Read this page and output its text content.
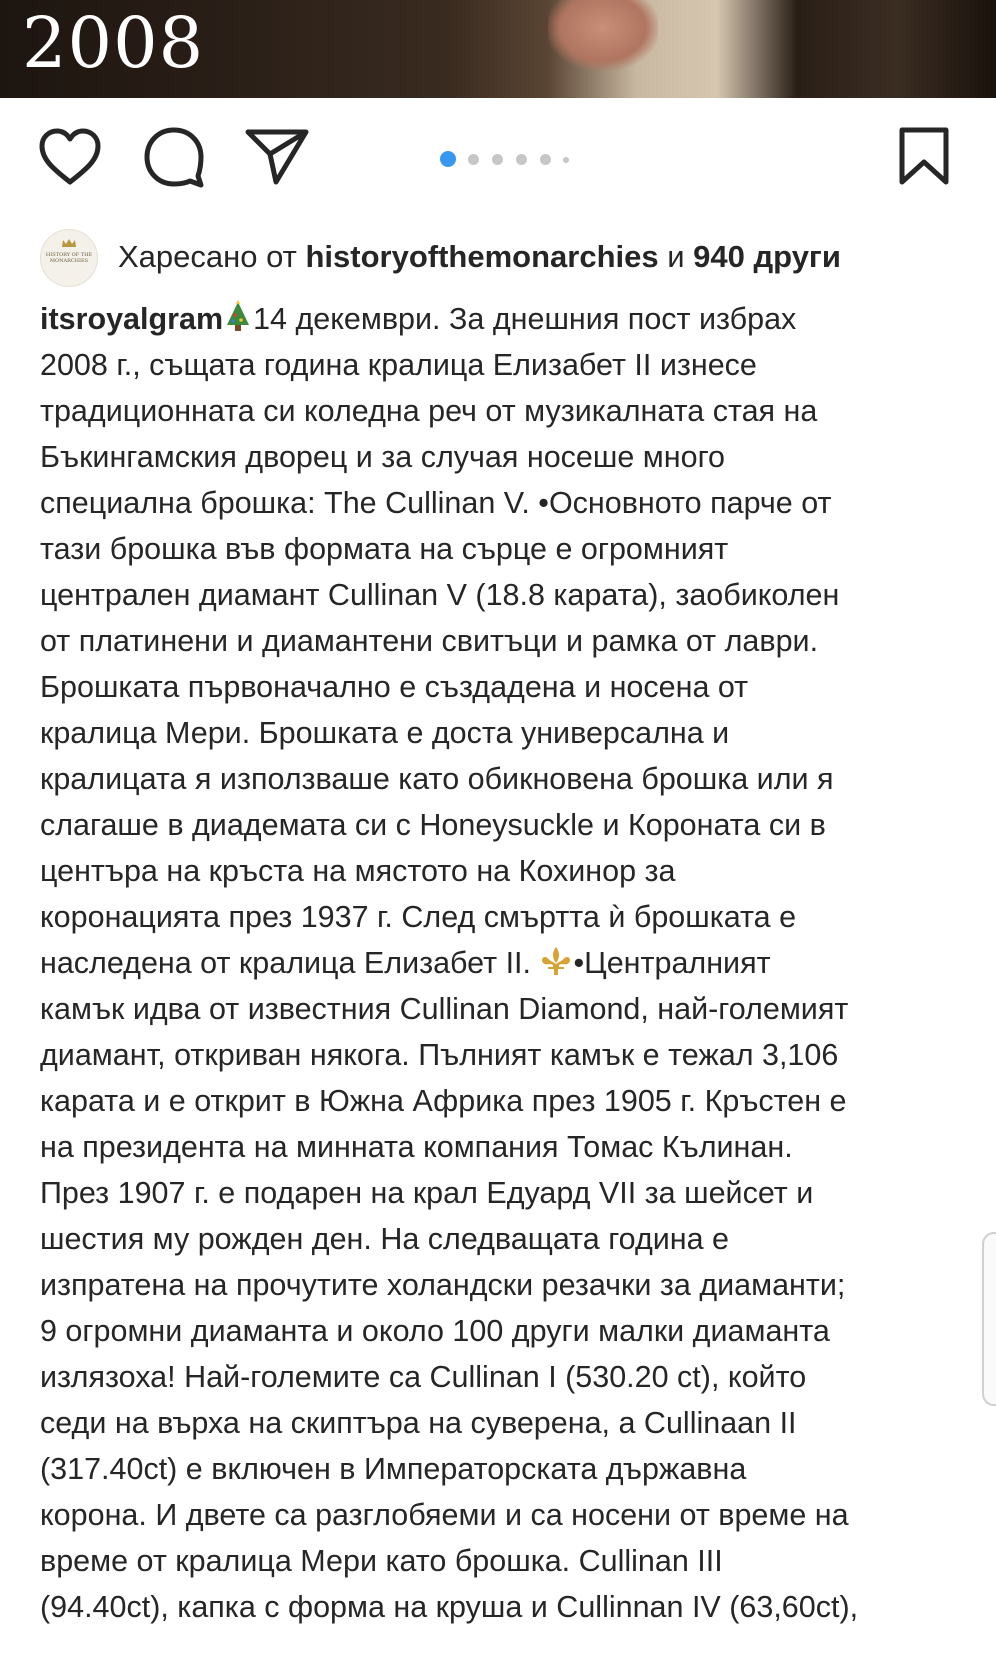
2008
HISTORY OF THE MONARCHIES Харесано от historyofthemonarchies и 940 други
itsroyalgram 14 декември. За днешния пост избрах
2008 г., същата година кралица Елизабет II изнесе
традиционната си коледна реч от музикалната стая на
Бъкингамския дворец и за случая носеше много
специална брошка: The Cullinan V. •Основното парче от
тази брошка във формата на сърце е огромният
централен диамант Cullinan V (18.8 карата), заобиколен
от платинени и диамантени свитъци и рамка от лаври.
Брошката първоначално е създадена и носена от
кралица Мери. Брошката е доста универсална и
кралицата я използваше като обикновена брошка или я
слагаше в диадемата си с Honeysuckle и Короната си в
центъра на кръста на мястото на Кохинор за
коронацията през 1937 г. След смъртта ѝ брошката е
наследена от кралица Елизабет II. •Централният
камък идва от известния Cullinan Diamond, най-големият
диамант, откриван някога. Пълният камък е тежал 3,106
карата и е открит в Южна Африка през 1905 г. Кръстен е
на президента на минната компания Томас Кълинан.
През 1907 г. е подарен на крал Едуард VII за шейсет и
шестия му рожден ден. На следващата година е
изпратена на прочутите холандски резачки за диаманти;
9 огромни диаманта и около 100 други малки диаманта
излязоха! Най-големите са Cullinan I (530.20 ct), който
седи на върха на скиптъра на суверена, а Cullinaan II
(317.40ct) е включен в Императорската държавна
корона. И двете са разглобяеми и са носени от време на
време от кралица Мери като брошка. Cullinan III
(94.40ct), капка с форма на круша и Cullinnan IV (63,60ct),
